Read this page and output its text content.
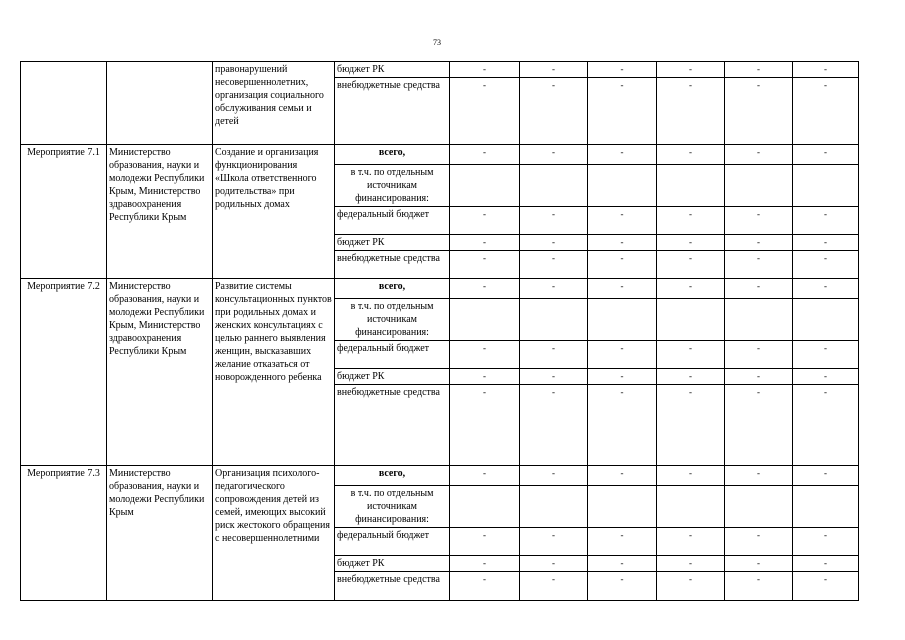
73
		правонарушений несовершеннолетних, организация социального обслуживания семьи и детей	бюджет РК	-	-	-	-	-	-
			внебюджетные средства	-	-	-	-	-	-
Мероприятие 7.1	Министерство образования, науки и молодежи Республики Крым, Министерство здравоохранения Республики Крым	Создание и организация функционирования «Школа ответственного родительства» при родильных домах	всего,	-	-	-	-	-	-
			в т.ч. по отдельным источникам финансирования:						
			федеральный бюджет	-	-	-	-	-	-
			бюджет РК	-	-	-	-	-	-
			внебюджетные средства	-	-	-	-	-	-
Мероприятие 7.2	Министерство образования, науки и молодежи Республики Крым, Министерство здравоохранения Республики Крым	Развитие системы консультационных пунктов при родильных домах и женских консультациях с целью раннего выявления женщин, высказавших желание отказаться от новорожденного ребенка	всего,	-	-	-	-	-	-
			в т.ч. по отдельным источникам финансирования:						
			федеральный бюджет	-	-	-	-	-	-
			бюджет РК	-	-	-	-	-	-
			внебюджетные средства	-	-	-	-	-	-
Мероприятие 7.3	Министерство образования, науки и молодежи Республики Крым	Организация психолого-педагогического сопровождения детей из семей, имеющих высокий риск жестокого обращения с несовершеннолетними	всего,	-	-	-	-	-	-
			в т.ч. по отдельным источникам финансирования:						
			федеральный бюджет	-	-	-	-	-	-
			бюджет РК	-	-	-	-	-	-
			внебюджетные средства	-	-	-	-	-	-
